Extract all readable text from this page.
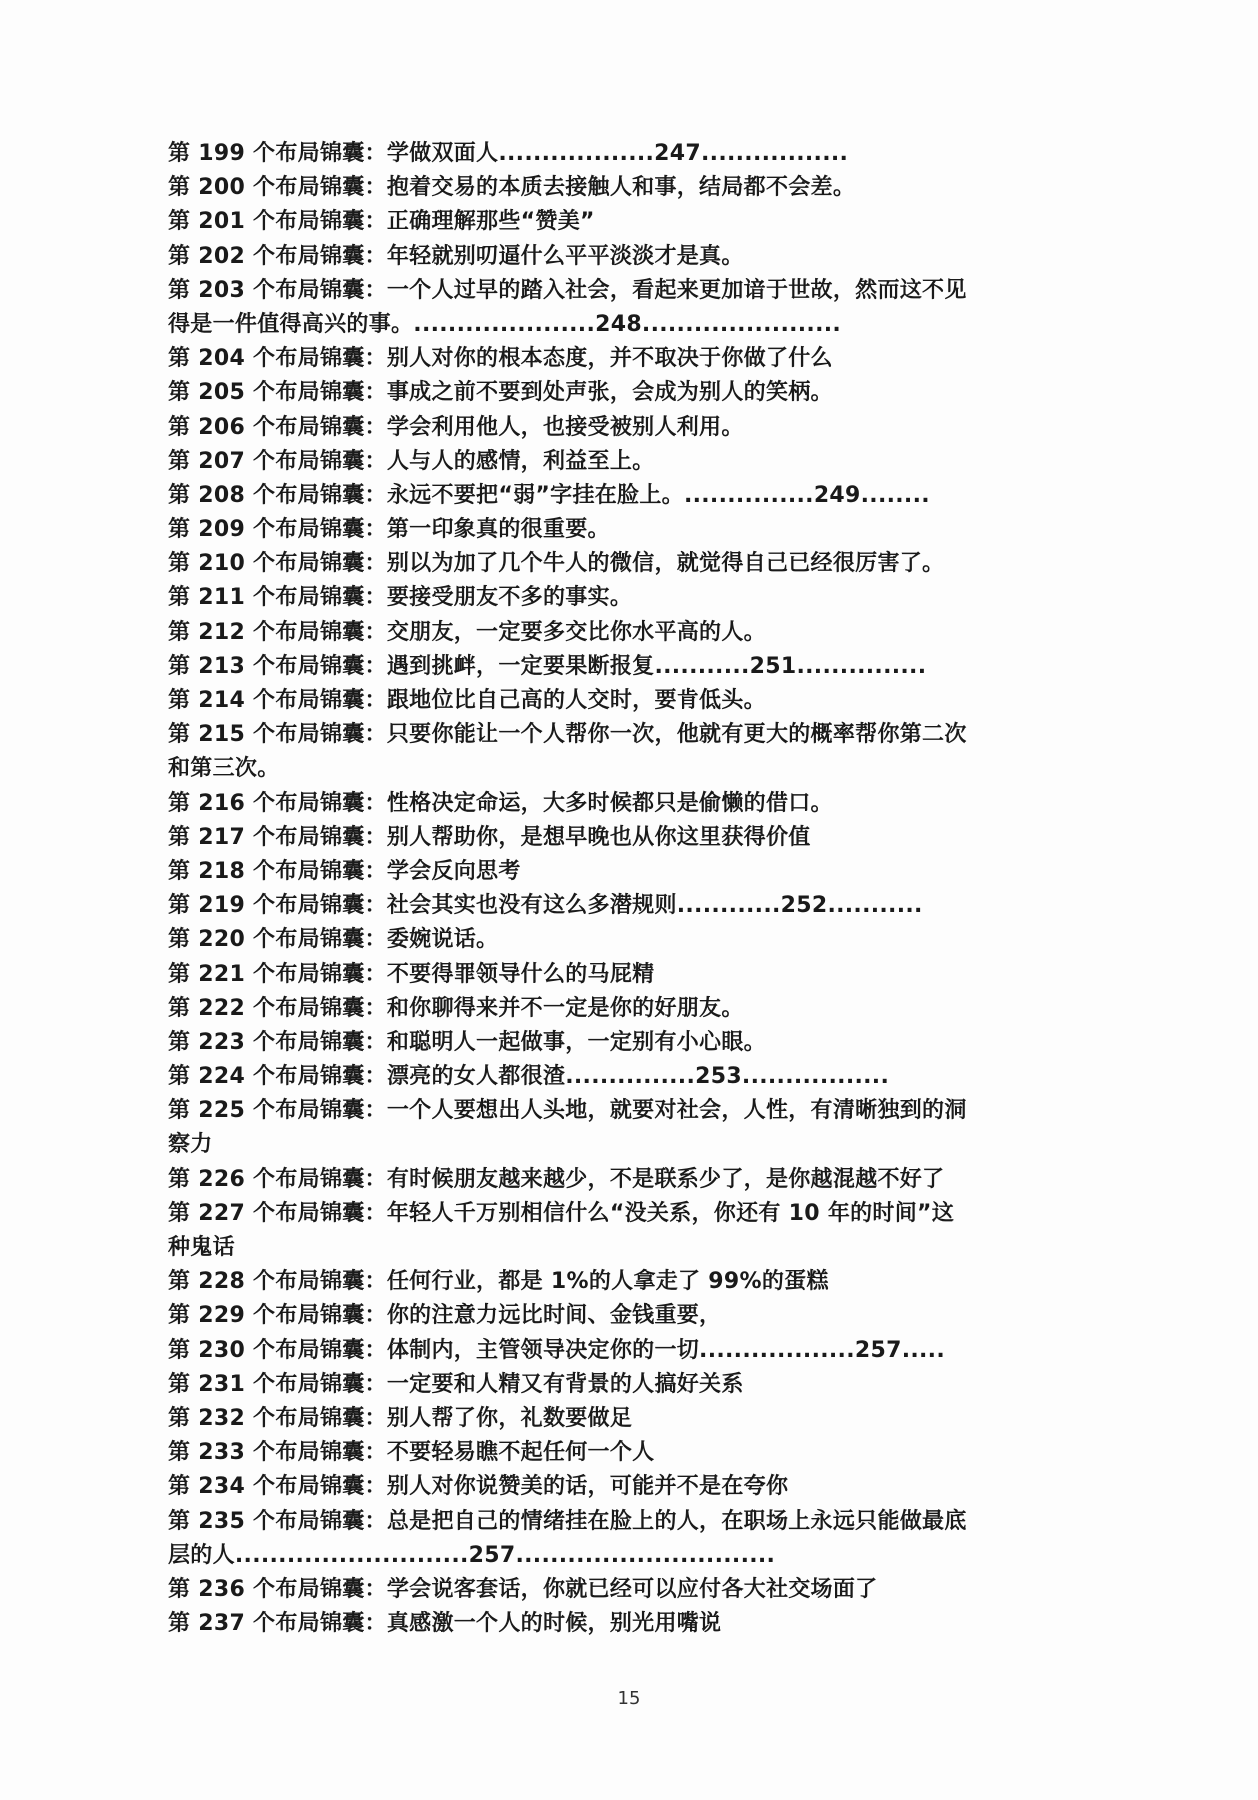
第 199 个布局锦囊：学做双面人..................247.................
第 200 个布局锦囊：抱着交易的本质去接触人和事，结局都不会差。
第 201 个布局锦囊：正确理解那些“赞美”
第 202 个布局锦囊：年轻就别叨逼什么平平淡淡才是真。
第 203 个布局锦囊：一个人过早的踏入社会，看起来更加谙于世故，然而这不见
得是一件值得高兴的事。.....................248.......................
第 204 个布局锦囊：别人对你的根本态度，并不取决于你做了什么
第 205 个布局锦囊：事成之前不要到处声张，会成为别人的笑柄。
第 206 个布局锦囊：学会利用他人，也接受被别人利用。
第 207 个布局锦囊：人与人的感情，利益至上。
第 208 个布局锦囊：永远不要把“弱”字挂在脸上。...............249........
第 209 个布局锦囊：第一印象真的很重要。
第 210 个布局锦囊：别以为加了几个牛人的微信，就觉得自己已经很厉害了。
第 211 个布局锦囊：要接受朋友不多的事实。
第 212 个布局锦囊：交朋友，一定要多交比你水平高的人。
第 213 个布局锦囊：遇到挑衅，一定要果断报复...........251...............
第 214 个布局锦囊：跟地位比自己高的人交时，要肯低头。
第 215 个布局锦囊：只要你能让一个人帮你一次，他就有更大的概率帮你第二次
和第三次。
第 216 个布局锦囊：性格决定命运，大多时候都只是偷懒的借口。
第 217 个布局锦囊：别人帮助你，是想早晚也从你这里获得价值
第 218 个布局锦囊：学会反向思考
第 219 个布局锦囊：社会其实也没有这么多潜规则............252...........
第 220 个布局锦囊：委婉说话。
第 221 个布局锦囊：不要得罪领导什么的马屁精
第 222 个布局锦囊：和你聊得来并不一定是你的好朋友。
第 223 个布局锦囊：和聪明人一起做事，一定别有小心眼。
第 224 个布局锦囊：漂亮的女人都很渣...............253.................
第 225 个布局锦囊：一个人要想出人头地，就要对社会，人性，有清晰独到的洞
察力
第 226 个布局锦囊：有时候朋友越来越少，不是联系少了，是你越混越不好了
第 227 个布局锦囊：年轻人千万别相信什么“没关系，你还有 10 年的时间”这
种鬼话
第 228 个布局锦囊：任何行业，都是 1%的人拿走了 99%的蛋糕
第 229 个布局锦囊：你的注意力远比时间、金钱重要，
第 230 个布局锦囊：体制内，主管领导决定你的一切..................257.....
第 231 个布局锦囊：一定要和人精又有背景的人搞好关系
第 232 个布局锦囊：别人帮了你，礼数要做足
第 233 个布局锦囊：不要轻易瞧不起任何一个人
第 234 个布局锦囊：别人对你说赞美的话，可能并不是在夸你
第 235 个布局锦囊：总是把自己的情绪挂在脸上的人，在职场上永远只能做最底
层的人...........................257..............................
第 236 个布局锦囊：学会说客套话，你就已经可以应付各大社交场面了
第 237 个布局锦囊：真感激一个人的时候，别光用嘴说
15
